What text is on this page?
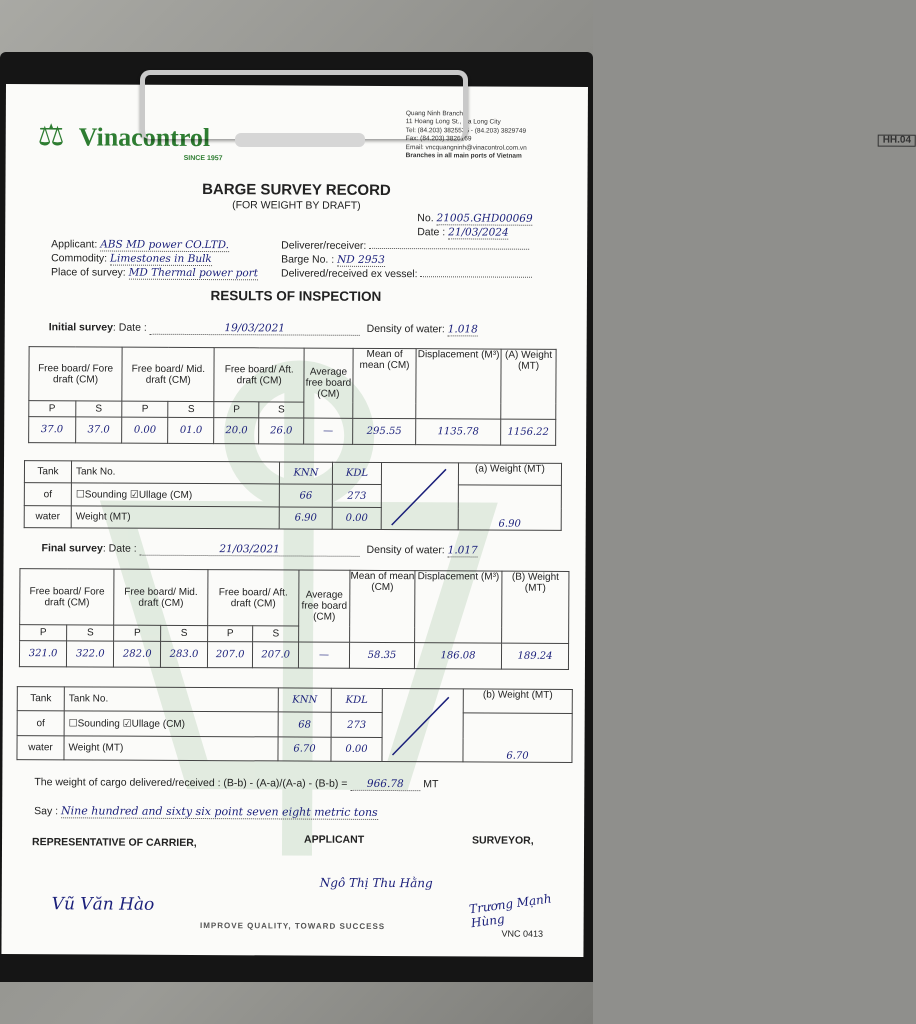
⚖ Vinacontrol
SINCE 1957
Quang Ninh Branch:
11 Hoang Long St., Ha Long City
Tel: (84.203) 3825535 - (84.203) 3829749
Fax: (84.203) 3826169
Email: vncquangninh@vinacontrol.com.vn
Branches in all main ports of Vietnam
HH.04
BARGE SURVEY RECORD
(FOR WEIGHT BY DRAFT)
No. 21005.GHD00069
Date : 21/03/2024
Applicant: ABS MD power CO.LTD.
Commodity: Limestones in Bulk
Place of survey: MD Thermal power port
Deliverer/receiver:
Barge No. : ND 2953
Delivered/received ex vessel:
RESULTS OF INSPECTION
Initial survey: Date :	19/03/2021	Density of water: 1.018
Free board/ Fore draft (CM)		Free board/ Mid. draft (CM)		Free board/ Aft. draft (CM)		Average free board (CM)	Mean of mean (CM)	Displacement (M³)	(A) Weight (MT)
P	S	P	S	P	S				
37.0	37.0	0.00	01.0	20.0	26.0	—	295.55	1135.78	1156.22
Tank	Tank No.	KNN	KDL		(a) Weight (MT)
of	☐Sounding ☑Ullage (CM)	66	273		6.90
water	Weight (MT)	6.90	0.00		
Final survey: Date :	21/03/2021	Density of water: 1.017
Free board/ Fore draft (CM)		Free board/ Mid. draft (CM)		Free board/ Aft. draft (CM)		Average free board (CM)	Mean of mean (CM)	Displacement (M³)	(B) Weight (MT)
P	S	P	S	P	S				
321.0	322.0	282.0	283.0	207.0	207.0	—	58.35	186.08	189.24
Tank	Tank No.	KNN	KDL		(b) Weight (MT)
of	☐Sounding ☑Ullage (CM)	68	273		6.70
water	Weight (MT)	6.70	0.00		
The weight of cargo delivered/received : (B-b) - (A-a)/(A-a) - (B-b) = 966.78 MT
Say : Nine hundred and sixty six point seven eight metric tons
REPRESENTATIVE OF CARRIER,	APPLICANT	SURVEYOR,
Vũ Văn Hào
Ngô Thị Thu Hằng
Trương Mạnh Hùng
VNC 0413
IMPROVE QUALITY, TOWARD SUCCESS
